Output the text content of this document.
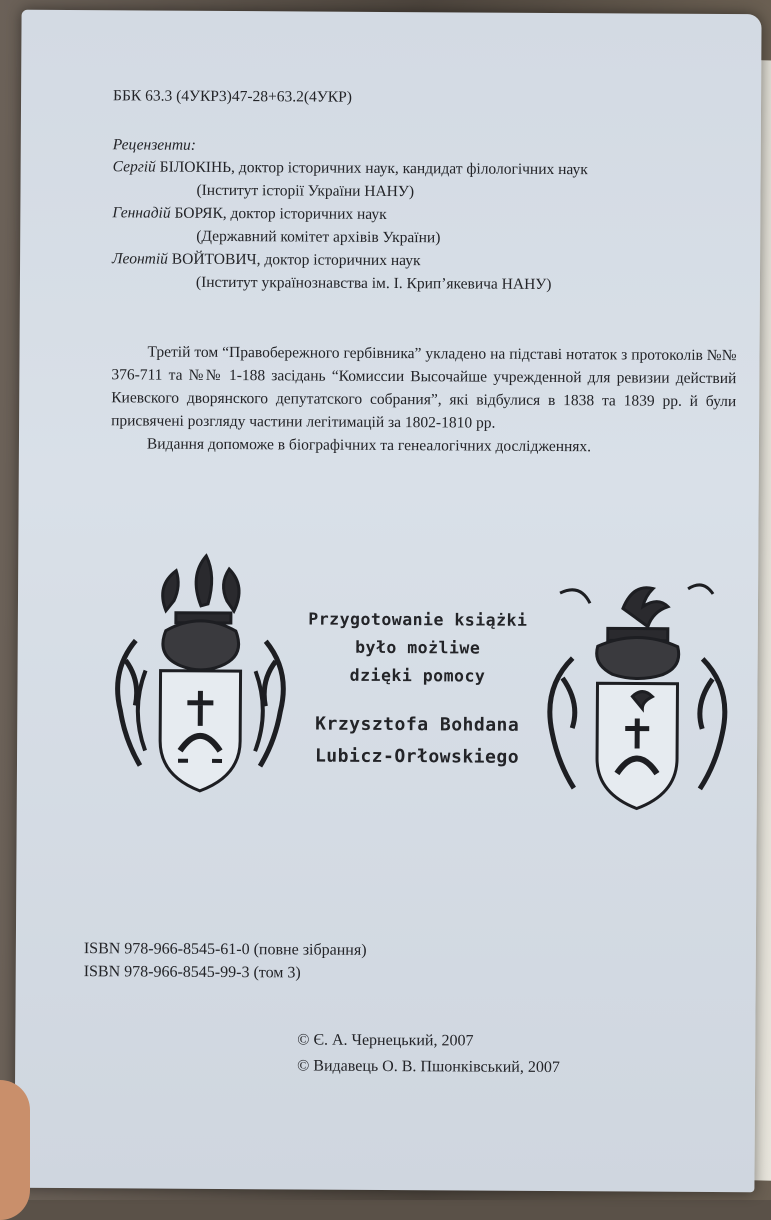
ББК 63.3 (4УКР3)47-28+63.2(4УКР)
Рецензенти:
Сергій БІЛОКІНЬ, доктор історичних наук, кандидат філологічних наук
(Інститут історії України НАНУ)
Геннадій БОРЯК, доктор історичних наук
(Державний комітет архівів України)
Леонтій ВОЙТОВИЧ, доктор історичних наук
(Інститут українознавства ім. І. Крип’якевича НАНУ)

Третій том “Правобережного гербівника” укладено на підставі нотаток з протоколів №№ 376-711 та №№ 1-188 засідань “Комиссии Высочайше учрежденной для ревизии действий Киевского дворянского депутатского собрания”, які відбулися в 1838 та 1839 рр. й були присвячені розгляду частини легітимацій за 1802-1810 рр.

Видання допоможе в біографічних та генеалогічних дослідженнях.

Przygotowanie książki
było możliwe
dzięki pomocy
Krzysztofa Bohdana
Lubicz-Orłowskiego
ISBN 978-966-8545-61-0 (повне зібрання)
ISBN 978-966-8545-99-3 (том 3)
© Є. А. Чернецький, 2007
© Видавець О. В. Пшонківський, 2007
